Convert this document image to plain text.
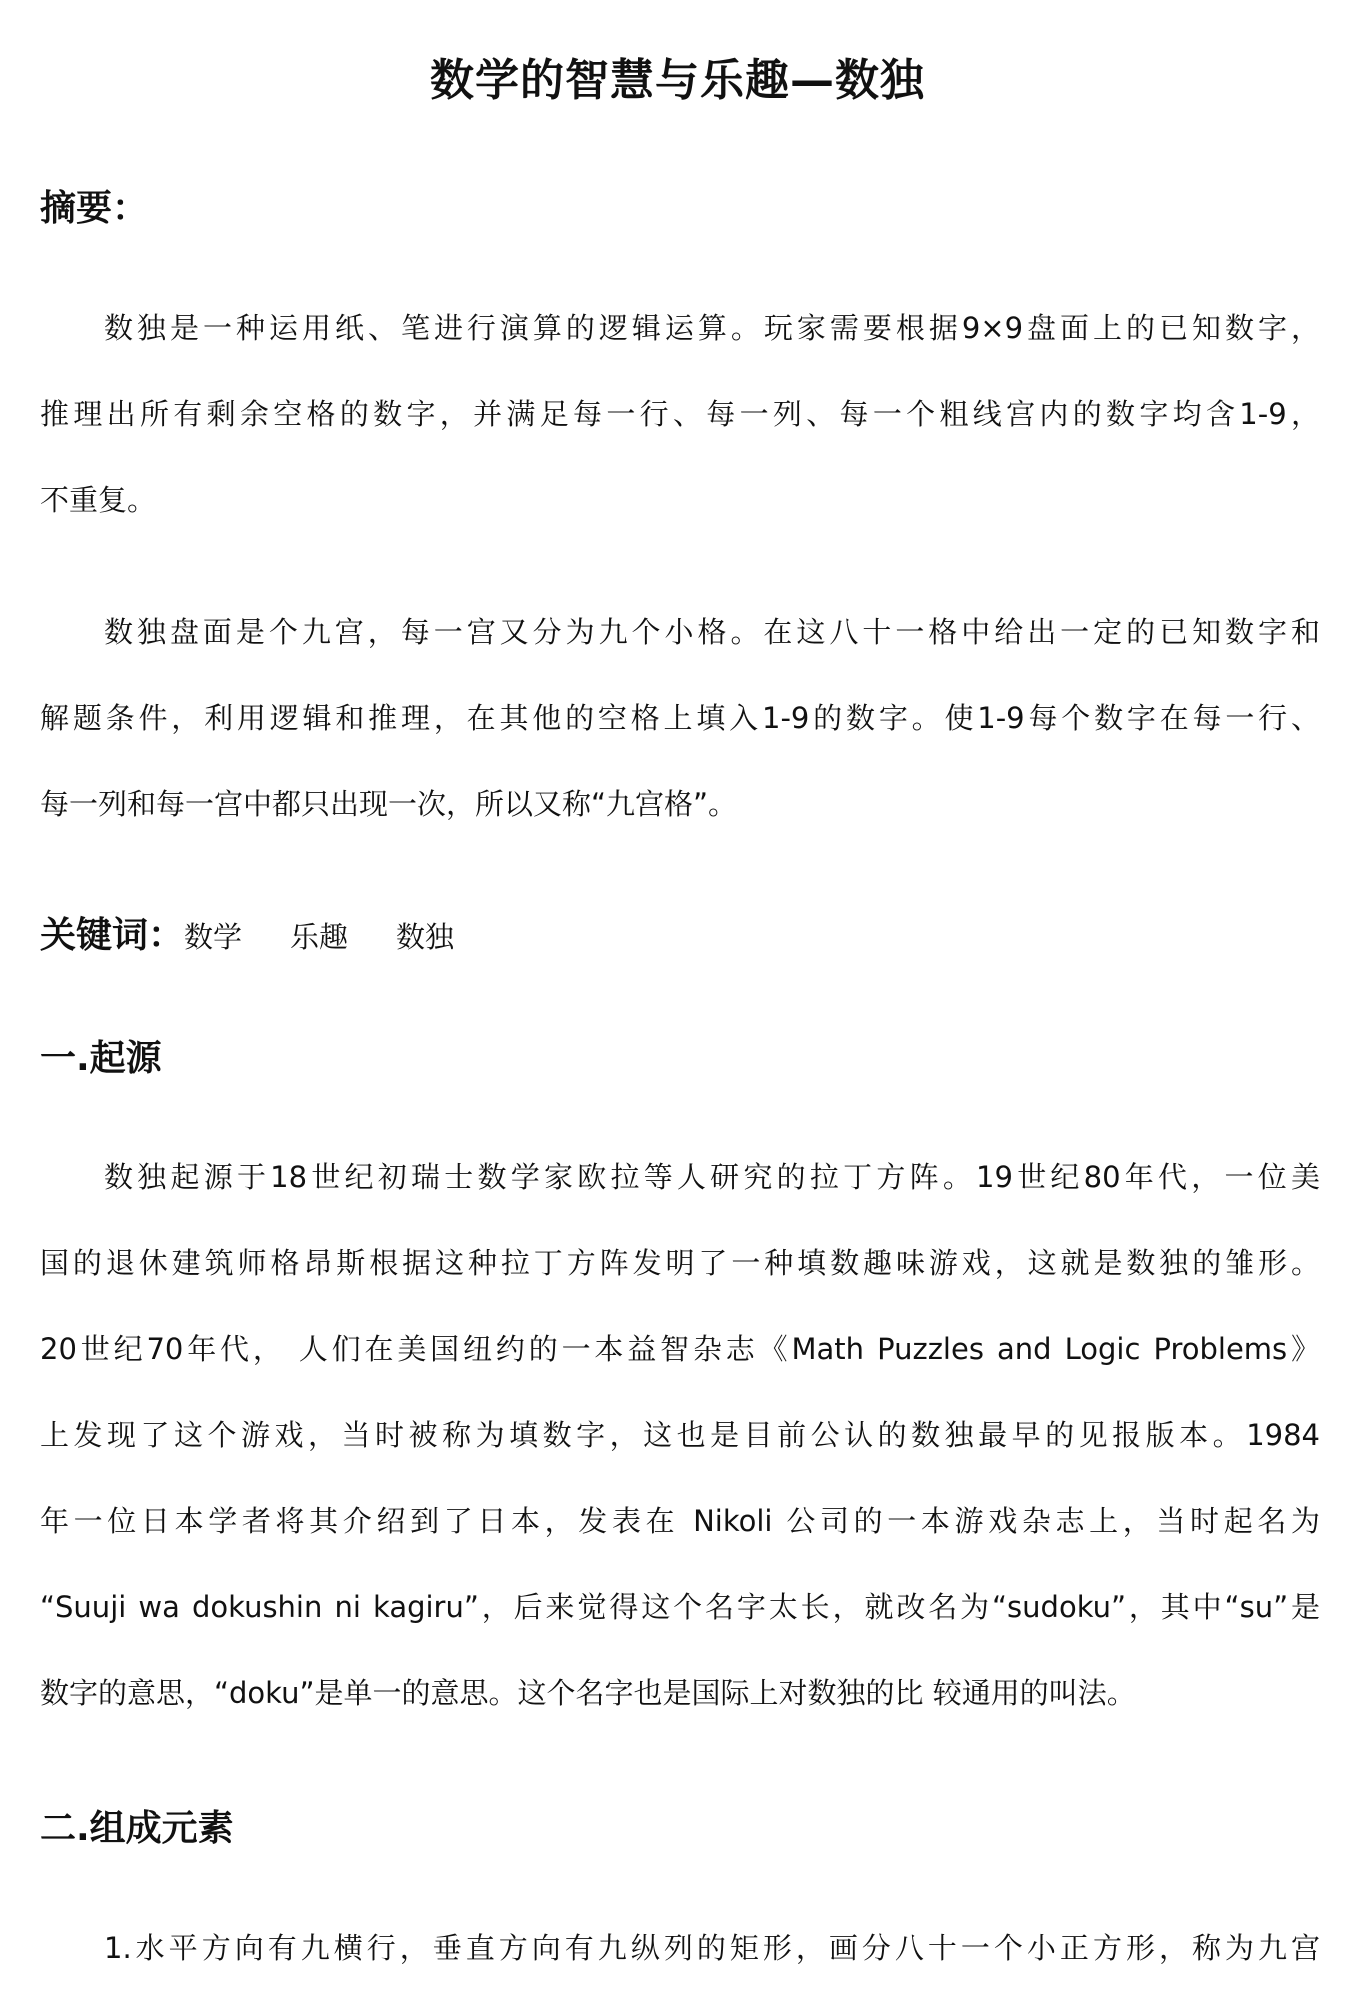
数学的智慧与乐趣—数独
摘要：
数独是一种运用纸、笔进行演算的逻辑运算。玩家需要根据9×9盘面上的已知数字，
推理出所有剩余空格的数字，并满足每一行、每一列、每一个粗线宫内的数字均含1-9，
不重复。
数独盘面是个九宫，每一宫又分为九个小格。在这八十一格中给出一定的已知数字和
解题条件，利用逻辑和推理，在其他的空格上填入1-9的数字。使1-9每个数字在每一行、
每一列和每一宫中都只出现一次，所以又称“九宫格”。
关键词：数学 乐趣 数独
一.起源
数独起源于18世纪初瑞士数学家欧拉等人研究的拉丁方阵。19世纪80年代，一位美
国的退休建筑师格昂斯根据这种拉丁方阵发明了一种填数趣味游戏，这就是数独的雏形。
20世纪70年代， 人们在美国纽约的一本益智杂志《Math Puzzles and Logic Problems》
上发现了这个游戏，当时被称为填数字，这也是目前公认的数独最早的见报版本。1984
年一位日本学者将其介绍到了日本，发表在 Nikoli 公司的一本游戏杂志上，当时起名为
“Suuji wa dokushin ni kagiru”，后来觉得这个名字太长，就改名为“sudoku”，其中“su”是
数字的意思，“doku”是单一的意思。这个名字也是国际上对数独的比 较通用的叫法。
二.组成元素
1.水平方向有九横行，垂直方向有九纵列的矩形，画分八十一个小正方形，称为九宫
